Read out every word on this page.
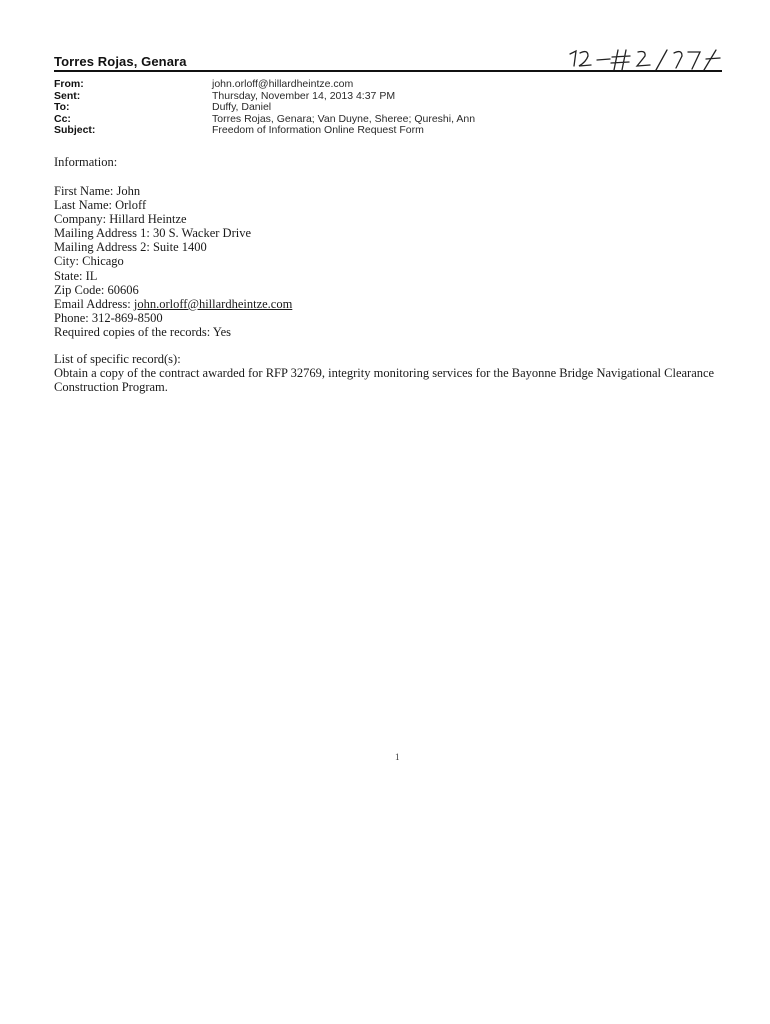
Torres Rojas, Genara
From:	john.orloff@hillardheintze.com
Sent:	Thursday, November 14, 2013 4:37 PM
To:	Duffy, Daniel
Cc:	Torres Rojas, Genara; Van Duyne, Sheree; Qureshi, Ann
Subject:	Freedom of Information Online Request Form
Information:
First Name: John
Last Name: Orloff
Company: Hillard Heintze
Mailing Address 1: 30 S. Wacker Drive
Mailing Address 2: Suite 1400
City: Chicago
State: IL
Zip Code: 60606
Email Address: john.orloff@hillardheintze.com
Phone: 312-869-8500
Required copies of the records: Yes
List of specific record(s):
Obtain a copy of the contract awarded for RFP 32769, integrity monitoring services for the Bayonne Bridge Navigational Clearance Construction Program.
1
